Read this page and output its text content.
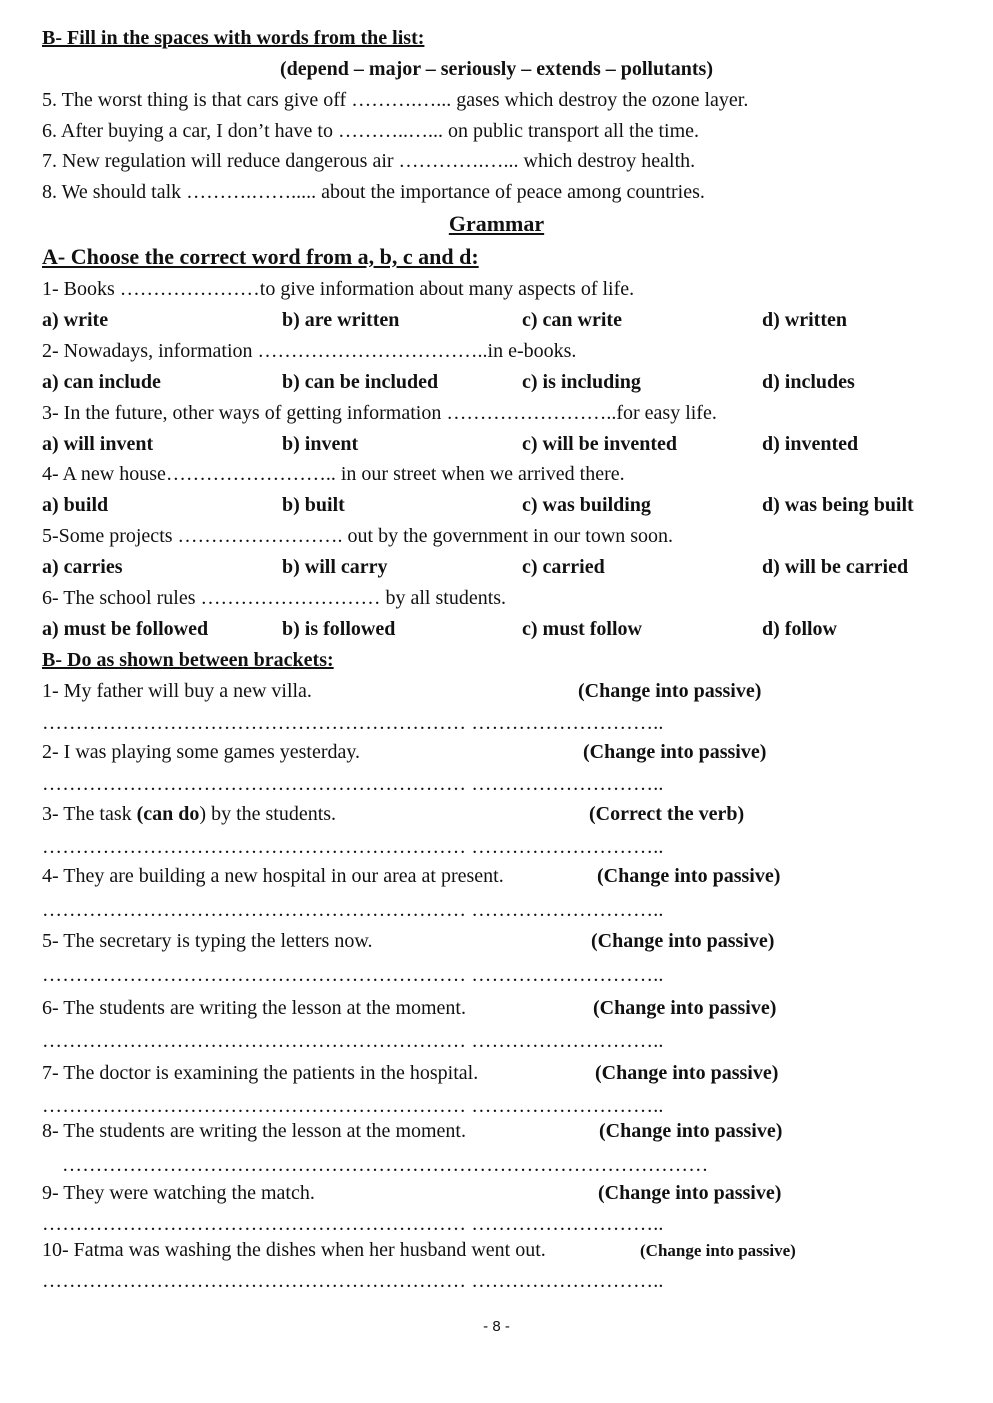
B- Fill in the spaces with words from the list:
(depend – major – seriously – extends – pollutants)
5. The worst thing is that cars give off ……….…... gases which destroy the ozone layer.
6. After buying a car, I don’t have to ………..…... on public transport all the time.
7. New regulation will reduce dangerous air ………….…... which destroy health.
8. We should talk ……….……..... about the importance of peace among countries.
Grammar
A- Choose the correct word from a, b, c and d:
1- Books …………………to give information about many aspects of life.
a) write	b) are written	c) can write	d) written
2- Nowadays, information ……………………………..in e-books.
a) can include	b) can be included	c) is including	d) includes
3- In the future, other ways of getting information ……………………..for easy life.
a) will invent	b) invent	c) will be invented	d) invented
4- A new house…………………….. in our street when we arrived there.
a) build	b) built	c) was building	d) was being built
5-Some projects ……………………. out by the government in our town soon.
a) carries	b) will carry	c) carried	d) will be carried
6- The school rules ……………………… by all students.
a) must be followed	b) is followed	c) must follow	d) follow
B- Do as shown between brackets:
1- My father will buy a new villa.	(Change into passive)
……………………………………………………… ………………………..
2- I was playing some games yesterday.	(Change into passive)
……………………………………………………… ………………………..
3- The task (can do) by the students.	(Correct the verb)
……………………………………………………… ………………………..
4- They are building a new hospital in our area at present.	(Change into passive)
……………………………………………………… ………………………..
5- The secretary is typing the letters now.	(Change into passive)
……………………………………………………… ………………………..
6- The students are writing the lesson at the moment.	(Change into passive)
……………………………………………………… ………………………..
7- The doctor is examining the patients in the hospital.	(Change into passive)
……………………………………………………… ………………………..
8- The students are writing the lesson at the moment.	(Change into passive)
……………………………………………………………………………………
9- They were watching the match.	(Change into passive)
……………………………………………………… ………………………..
10- Fatma was washing the dishes when her husband went out.	(Change into passive)
……………………………………………………… ………………………..
- 8 -
